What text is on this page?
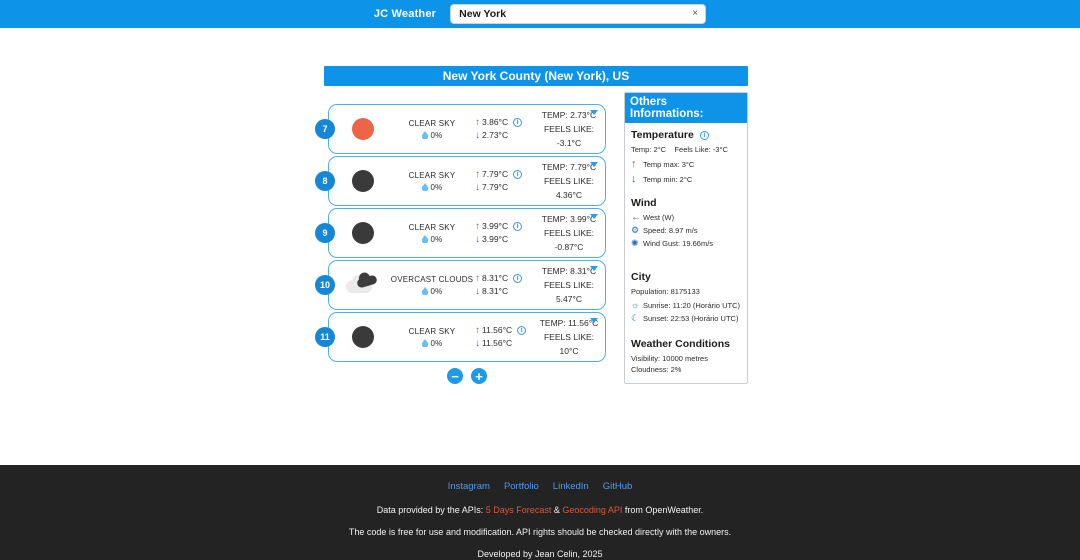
JC Weather
New York	×
New York County (New York), US
7
CLEAR SKY
0%
↑ 3.86°C	i
↓ 2.73°C
TEMP: 2.73°C
FEELS LIKE: -3.1°C
8
CLEAR SKY
0%
↑ 7.79°C	i
↓ 7.79°C
TEMP: 7.79°C
FEELS LIKE: 4.36°C
9
CLEAR SKY
0%
↑ 3.99°C	i
↓ 3.99°C
TEMP: 3.99°C
FEELS LIKE: -0.87°C
10
OVERCAST CLOUDS
0%
↑ 8.31°C	i
↓ 8.31°C
TEMP: 8.31°C
FEELS LIKE: 5.47°C
11
CLEAR SKY
0%
↑ 11.56°C	i
↓ 11.56°C
TEMP: 11.56°C
FEELS LIKE: 10°C
−	+
Others Informations:
Temperature	i
Temp: 2°C Feels Like: -3°C
↑ Temp max: 3°C
↓ Temp min: 2°C
Wind
← West (W)
⚙ Speed: 8.97 m/s
✺ Wind Gust: 19.66m/s
City
Population: 8175133
☼ Sunrise: 11:20 (Horário UTC)
☾ Sunset: 22:53 (Horário UTC)
Weather Conditions
Visibility: 10000 metres
Cloudness: 2%
Instagram Portfolio LinkedIn GitHub
Data provided by the APIs: 5 Days Forecast & Geocoding API from OpenWeather.
The code is free for use and modification. API rights should be checked directly with the owners.
Developed by Jean Celin, 2025
